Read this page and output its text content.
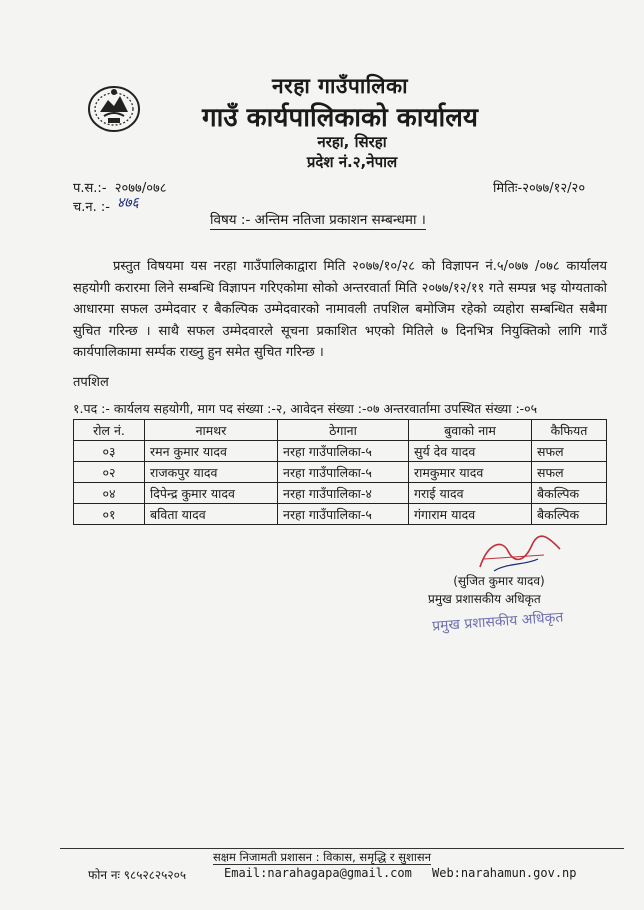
नरहा गाउँपालिका
गाउँ कार्यपालिकाको कार्यालय
नरहा, सिरहा
प्रदेश नं.२,नेपाल
प.स.:- २०७७/०७८
च.न. :- ४७६
मितिः-२०७७/१२/२०
विषय :- अन्तिम नतिजा प्रकाशन सम्बन्धमा ।

प्रस्तुत विषयमा यस नरहा गाउँपालिकाद्वारा मिति २०७७/१०/२८ को विज्ञापन नं.५/०७७ /०७८ कार्यालय सहयोगी करारमा लिने सम्बन्धि विज्ञापन गरिएकोमा सोको अन्तरवार्ता मिति २०७७/१२/११ गते सम्पन्न भइ योग्यताको आधारमा सफल उम्मेदवार र बैकल्पिक उम्मेदवारको नामावली तपशिल बमोजिम रहेको व्यहोरा सम्बन्धित सबैमा सुचित गरिन्छ । साथै सफल उम्मेदवारले सूचना प्रकाशित भएको मितिले ७ दिनभित्र नियुक्तिको लागि गाउँ कार्यपालिकामा सर्म्पक राख्नु हुन समेत सुचित गरिन्छ ।

तपशिल
१.पद :- कार्यलय सहयोगी, माग पद संख्या :-२, आवेदन संख्या :-०७ अन्तरवार्तामा उपस्थित संख्या :-०५
रोल नं.	नामथर	ठेगाना	बुवाको नाम	कैफियत
०३	रमन कुमार यादव	नरहा गाउँपालिका-५	सुर्य देव यादव	सफल
०२	राजकपुर यादव	नरहा गाउँपालिका-५	रामकुमार यादव	सफल
०४	दिपेन्द्र कुमार यादव	नरहा गाउँपालिका-४	गराई यादव	बैकल्पिक
०१	बविता यादव	नरहा गाउँपालिका-५	गंगाराम यादव	बैकल्पिक
(सुजित कुमार यादव)
प्रमुख प्रशासकीय अधिकृत
प्रमुख प्रशासकीय अधिकृत
सक्षम निजामती प्रशासन : विकास, समृद्धि र सुशासन
फोन नः ९८५२८२५२०५	Email:narahagapa@gmail.com Web:narahamun.gov.np
